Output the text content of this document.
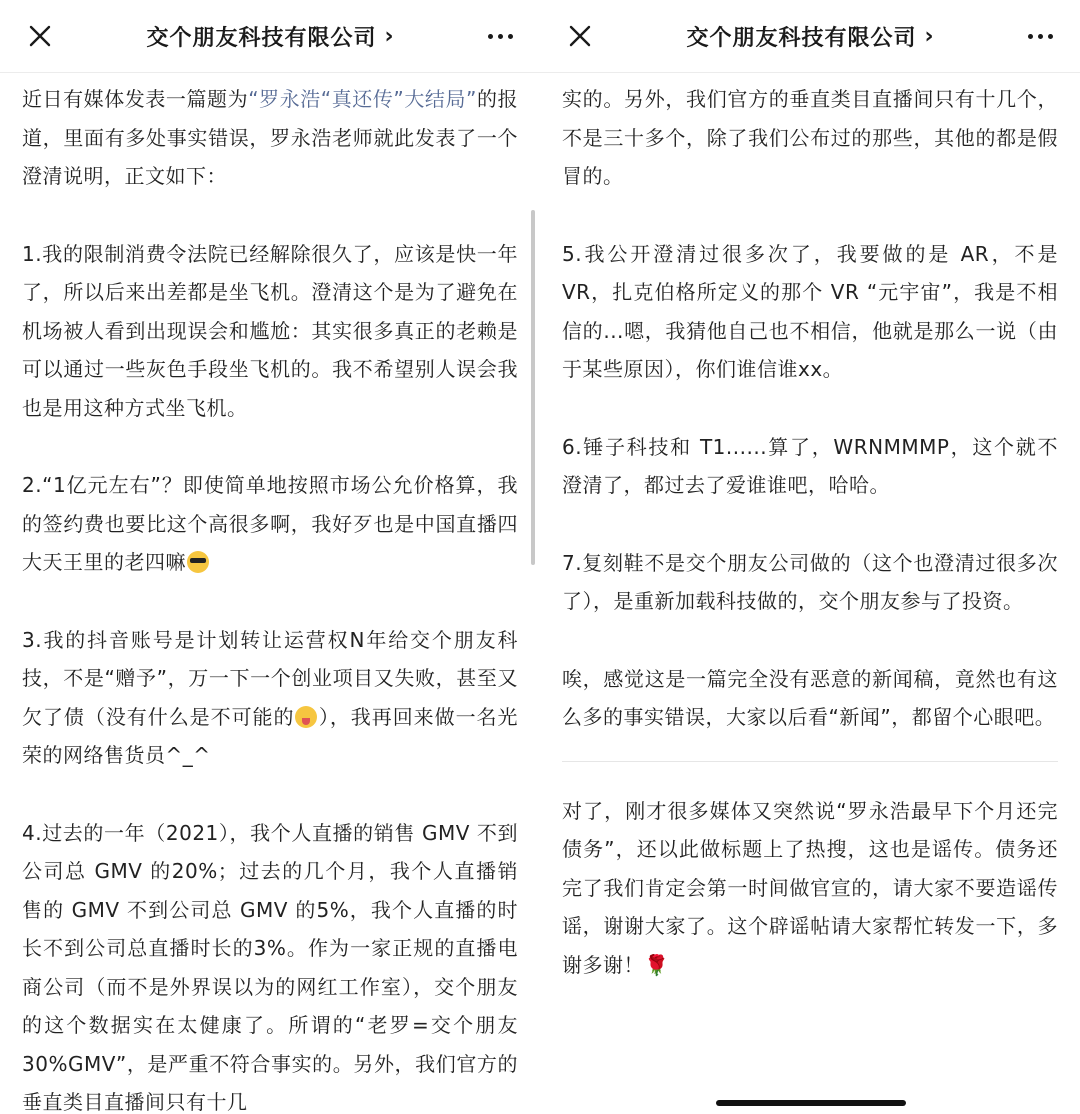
交个朋友科技有限公司 ›
近日有媒体发表一篇题为“罗永浩“真还传”大结局”的报道，里面有多处事实错误，罗永浩老师就此发表了一个澄清说明，正文如下：
1.我的限制消费令法院已经解除很久了，应该是快一年了，所以后来出差都是坐飞机。澄清这个是为了避免在机场被人看到出现误会和尴尬：其实很多真正的老赖是可以通过一些灰色手段坐飞机的。我不希望别人误会我也是用这种方式坐飞机。
2.“1亿元左右”？即使简单地按照市场公允价格算，我的签约费也要比这个高很多啊，我好歹也是中国直播四大天王里的老四嘛
3.我的抖音账号是计划转让运营权N年给交个朋友科技，不是“赠予”，万一下一个创业项目又失败，甚至又欠了债（没有什么是不可能的 ），我再回来做一名光荣的网络售货员^_^
4.过去的一年（2021），我个人直播的销售 GMV 不到公司总 GMV 的20%；过去的几个月，我个人直播销售的 GMV 不到公司总 GMV 的5%，我个人直播的时长不到公司总直播时长的3%。作为一家正规的直播电商公司（而不是外界误以为的网红工作室），交个朋友的这个数据实在太健康了。所谓的“老罗=交个朋友30%GMV”，是严重不符合事实的。另外，我们官方的垂直类目直播间只有十几
交个朋友科技有限公司 ›
实的。另外，我们官方的垂直类目直播间只有十几个，不是三十多个，除了我们公布过的那些，其他的都是假冒的。
5.我公开澄清过很多次了，我要做的是 AR，不是 VR，扎克伯格所定义的那个 VR “元宇宙”，我是不相信的...嗯，我猜他自己也不相信，他就是那么一说（由于某些原因），你们谁信谁xx。
6.锤子科技和 T1......算了，WRNMMMP，这个就不澄清了，都过去了爱谁谁吧，哈哈。
7.复刻鞋不是交个朋友公司做的（这个也澄清过很多次了），是重新加载科技做的，交个朋友参与了投资。
唉，感觉这是一篇完全没有恶意的新闻稿，竟然也有这么多的事实错误，大家以后看“新闻”，都留个心眼吧。
对了，刚才很多媒体又突然说“罗永浩最早下个月还完债务”，还以此做标题上了热搜，这也是谣传。债务还完了我们肯定会第一时间做官宣的，请大家不要造谣传谣，谢谢大家了。这个辟谣帖请大家帮忙转发一下，多谢多谢！🌹
